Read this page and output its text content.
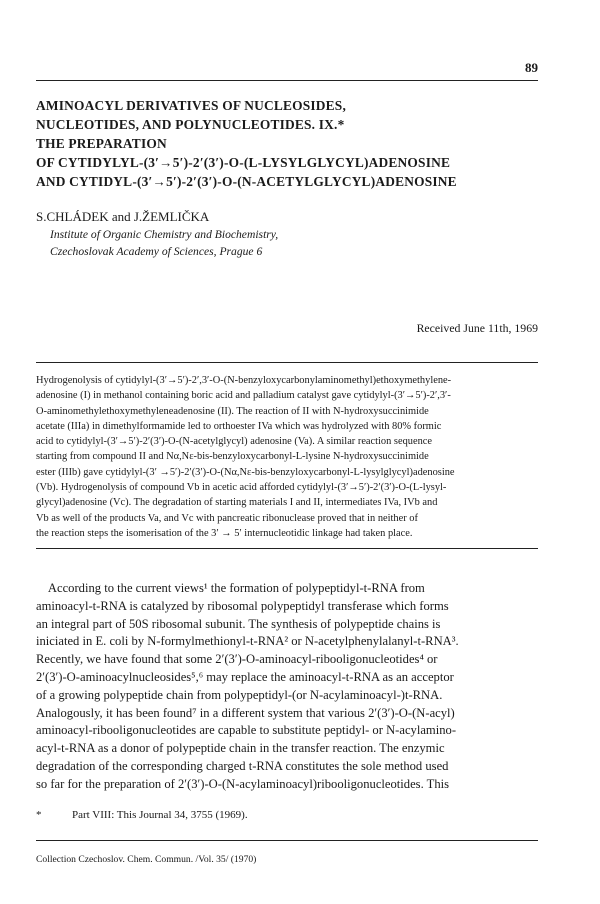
89
AMINOACYL DERIVATIVES OF NUCLEOSIDES,
NUCLEOTIDES, AND POLYNUCLEOTIDES. IX.*
THE PREPARATION
OF CYTIDYLYL-(3′→5′)-2′(3′)-O-(L-LYSYLGLYCYL)ADENOSINE
AND CYTIDYL-(3′→5′)-2′(3′)-O-(N-ACETYLGLYCYL)ADENOSINE
S.CHLÁDEK and J.ŽEMLIČKA
Institute of Organic Chemistry and Biochemistry,
Czechoslovak Academy of Sciences, Prague 6
Received June 11th, 1969
Hydrogenolysis of cytidylyl-(3′→5′)-2′,3′-O-(N-benzyloxycarbonylaminomethyl)ethoxymethylene-
adenosine (I) in methanol containing boric acid and palladium catalyst gave cytidylyl-(3′→5′)-2′,3′-
O-aminomethylethoxymethyleneadenosine (II). The reaction of II with N-hydroxysuccinimide
acetate (IIIa) in dimethylformamide led to orthoester IVa which was hydrolyzed with 80% formic
acid to cytidylyl-(3′→5′)-2′(3′)-O-(N-acetylglycyl) adenosine (Va). A similar reaction sequence
starting from compound II and Nα,Nε-bis-benzyloxycarbonyl-L-lysine N-hydroxysuccinimide
ester (IIIb) gave cytidylyl-(3′ →5′)-2′(3′)-O-(Nα,Nε-bis-benzyloxycarbonyl-L-lysylglycyl)adenosine
(Vb). Hydrogenolysis of compound Vb in acetic acid afforded cytidylyl-(3′→5′)-2′(3′)-O-(L-lysyl-
glycyl)adenosine (Vc). The degradation of starting materials I and II, intermediates IVa, IVb and
Vb as well of the products Va, and Vc with pancreatic ribonuclease proved that in neither of
the reaction steps the isomerisation of the 3′ → 5′ internucleotidic linkage had taken place.
According to the current views¹ the formation of polypeptidyl-t-RNA from
aminoacyl-t-RNA is catalyzed by ribosomal polypeptidyl transferase which forms
an integral part of 50S ribosomal subunit. The synthesis of polypeptide chains is
iniciated in E. coli by N-formylmethionyl-t-RNA² or N-acetylphenylalanyl-t-RNA³.
Recently, we have found that some 2′(3′)-O-aminoacyl-ribooligonucleotides⁴ or
2′(3′)-O-aminoacylnucleosides⁵,⁶ may replace the aminoacyl-t-RNA as an acceptor
of a growing polypeptide chain from polypeptidyl-(or N-acylaminoacyl-)t-RNA.
Analogously, it has been found⁷ in a different system that various 2′(3′)-O-(N-acyl)
aminoacyl-ribooligonucleotides are capable to substitute peptidyl- or N-acylamino-
acyl-t-RNA as a donor of polypeptide chain in the transfer reaction. The enzymic
degradation of the corresponding charged t-RNA constitutes the sole method used
so far for the preparation of 2′(3′)-O-(N-acylaminoacyl)ribooligonucleotides. This
*	Part VIII: This Journal 34, 3755 (1969).
Collection Czechoslov. Chem. Commun. /Vol. 35/ (1970)
